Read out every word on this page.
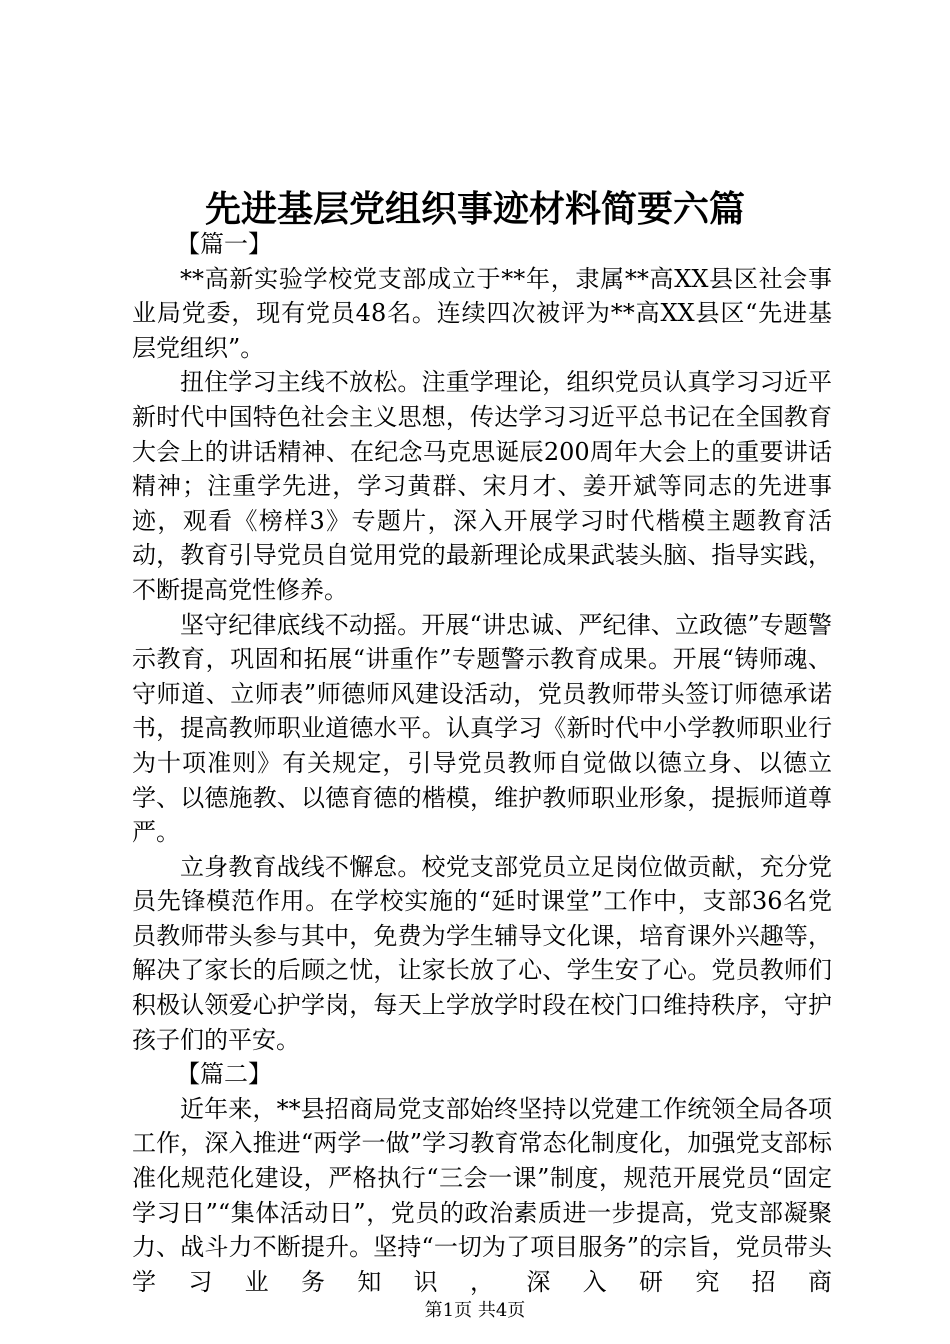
先进基层党组织事迹材料简要六篇

【篇一】

**高新实验学校党支部成立于**年，隶属**高XX县区社会事业局党委，现有党员48名。连续四次被评为**高XX县区“先进基层党组织”。

扭住学习主线不放松。注重学理论，组织党员认真学习习近平新时代中国特色社会主义思想，传达学习习近平总书记在全国教育大会上的讲话精神、在纪念马克思诞辰200周年大会上的重要讲话精神；注重学先进，学习黄群、宋月才、姜开斌等同志的先进事迹，观看《榜样3》专题片，深入开展学习时代楷模主题教育活动，教育引导党员自觉用党的最新理论成果武装头脑、指导实践，不断提高党性修养。

坚守纪律底线不动摇。开展“讲忠诚、严纪律、立政德”专题警示教育，巩固和拓展“讲重作”专题警示教育成果。开展“铸师魂、守师道、立师表”师德师风建设活动，党员教师带头签订师德承诺书，提高教师职业道德水平。认真学习《新时代中小学教师职业行为十项准则》有关规定，引导党员教师自觉做以德立身、以德立学、以德施教、以德育德的楷模，维护教师职业形象，提振师道尊严。

立身教育战线不懈怠。校党支部党员立足岗位做贡献，充分党员先锋模范作用。在学校实施的“延时课堂”工作中，支部36名党员教师带头参与其中，免费为学生辅导文化课，培育课外兴趣等，解决了家长的后顾之忧，让家长放了心、学生安了心。党员教师们积极认领爱心护学岗，每天上学放学时段在校门口维持秩序，守护孩子们的平安。

【篇二】

近年来，**县招商局党支部始终坚持以党建工作统领全局各项工作，深入推进“两学一做”学习教育常态化制度化，加强党支部标准化规范化建设，严格执行“三会一课”制度，规范开展党员“固定学习日”“集体活动日”，党员的政治素质进一步提高，党支部凝聚力、战斗力不断提升。坚持“一切为了项目服务”的宗旨，党员带头学习业务知识，深入研究招商

第1页 共4页
